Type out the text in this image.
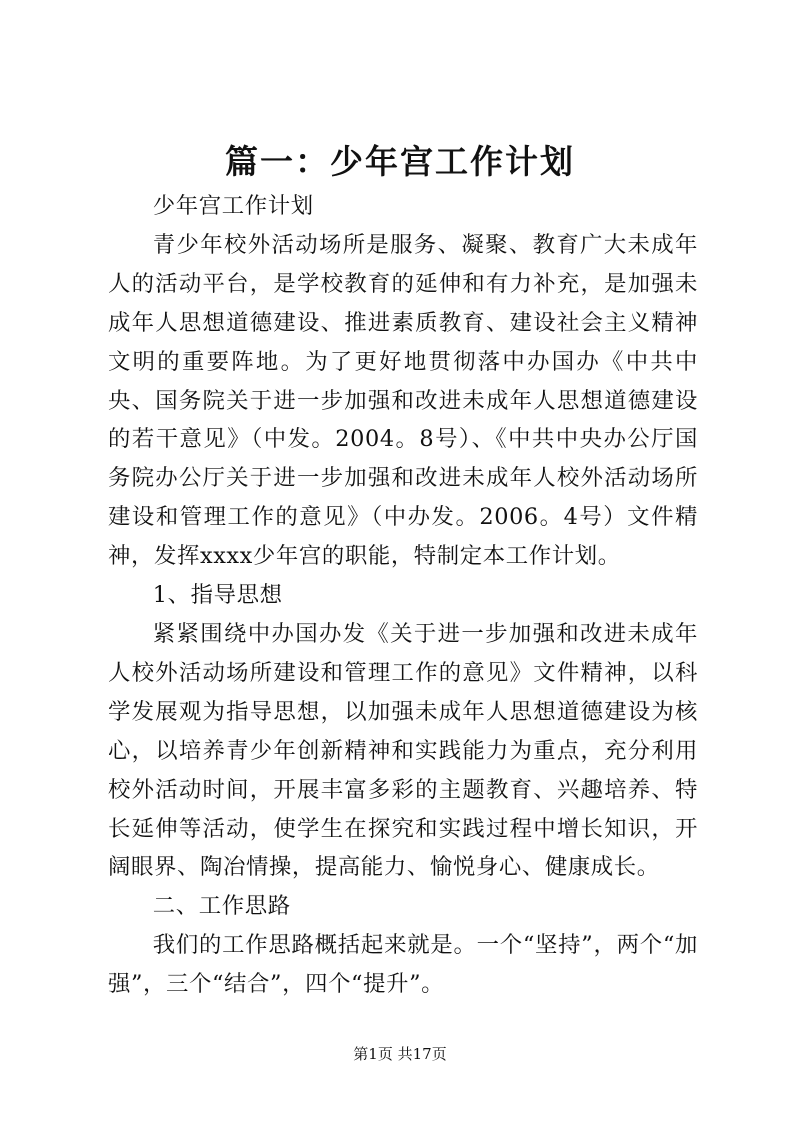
篇一：少年宫工作计划

少年宫工作计划

青少年校外活动场所是服务、凝聚、教育广大未成年人的活动平台，是学校教育的延伸和有力补充，是加强未成年人思想道德建设、推进素质教育、建设社会主义精神文明的重要阵地。为了更好地贯彻落中办国办《中共中央、国务院关于进一步加强和改进未成年人思想道德建设的若干意见》（中发。2004。8号）、《中共中央办公厅国务院办公厅关于进一步加强和改进未成年人校外活动场所建设和管理工作的意见》（中办发。2006。4号）文件精神，发挥xxxx少年宫的职能，特制定本工作计划。

1、指导思想

紧紧围绕中办国办发《关于进一步加强和改进未成年人校外活动场所建设和管理工作的意见》文件精神，以科学发展观为指导思想，以加强未成年人思想道德建设为核心，以培养青少年创新精神和实践能力为重点，充分利用校外活动时间，开展丰富多彩的主题教育、兴趣培养、特长延伸等活动，使学生在探究和实践过程中增长知识，开阔眼界、陶冶情操，提高能力、愉悦身心、健康成长。

二、工作思路

我们的工作思路概括起来就是。一个“坚持”，两个“加强”，三个“结合”，四个“提升”。

第1页 共17页
